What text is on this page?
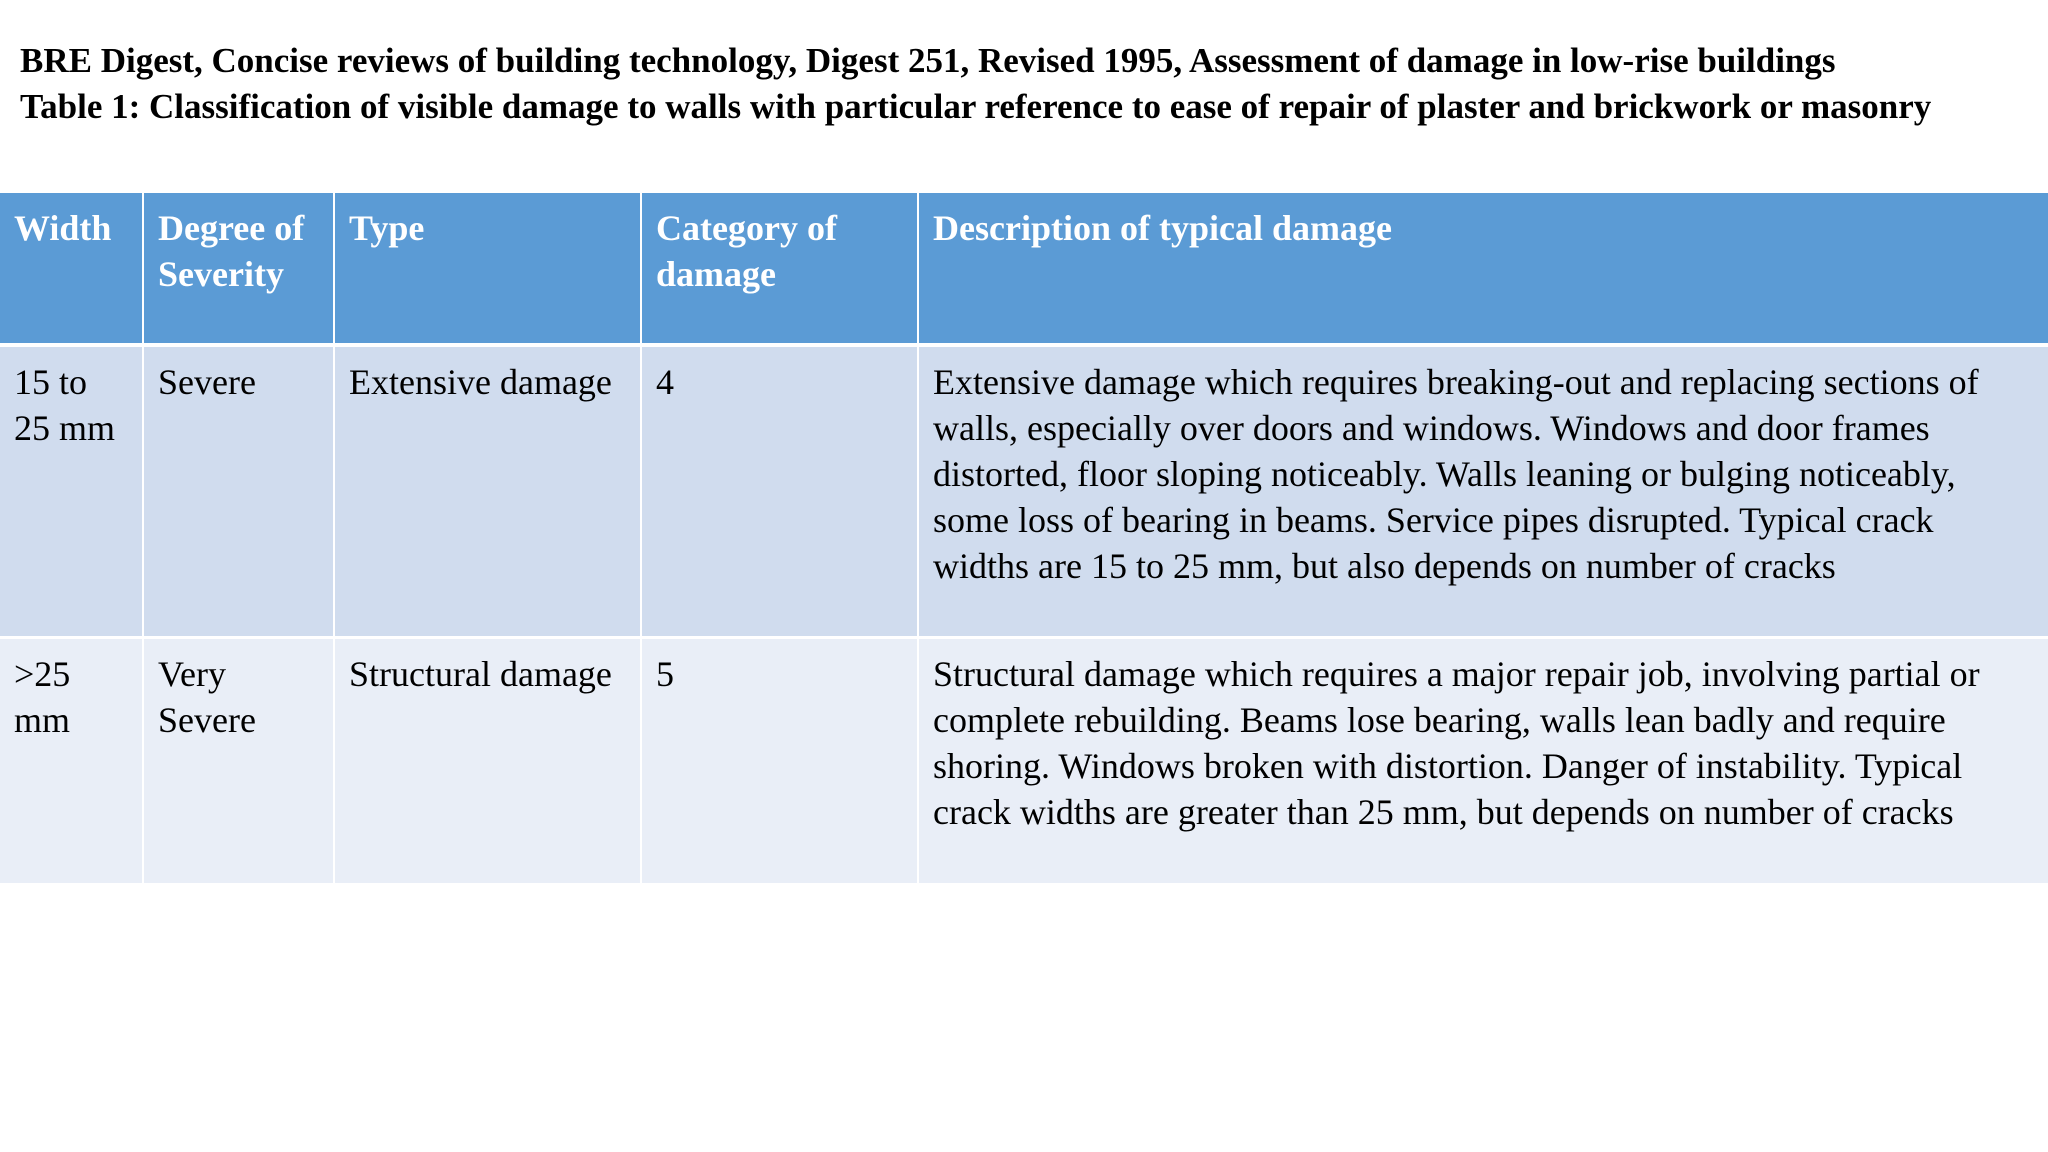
BRE Digest, Concise reviews of building technology, Digest 251, Revised 1995, Assessment of damage in low-rise buildings
Table 1: Classification of visible damage to walls with particular reference to ease of repair of plaster and brickwork or masonry
Width	Degree of Severity	Type	Category of damage	Description of typical damage
15 to 25 mm	Severe	Extensive damage	4	Extensive damage which requires breaking-out and replacing sections of walls, especially over doors and windows. Windows and door frames distorted, floor sloping noticeably. Walls leaning or bulging noticeably, some loss of bearing in beams. Service pipes disrupted. Typical crack widths are 15 to 25 mm, but also depends on number of cracks
>25 mm	Very Severe	Structural damage	5	Structural damage which requires a major repair job, involving partial or complete rebuilding. Beams lose bearing, walls lean badly and require shoring. Windows broken with distortion. Danger of instability. Typical crack widths are greater than 25 mm, but depends on number of cracks
